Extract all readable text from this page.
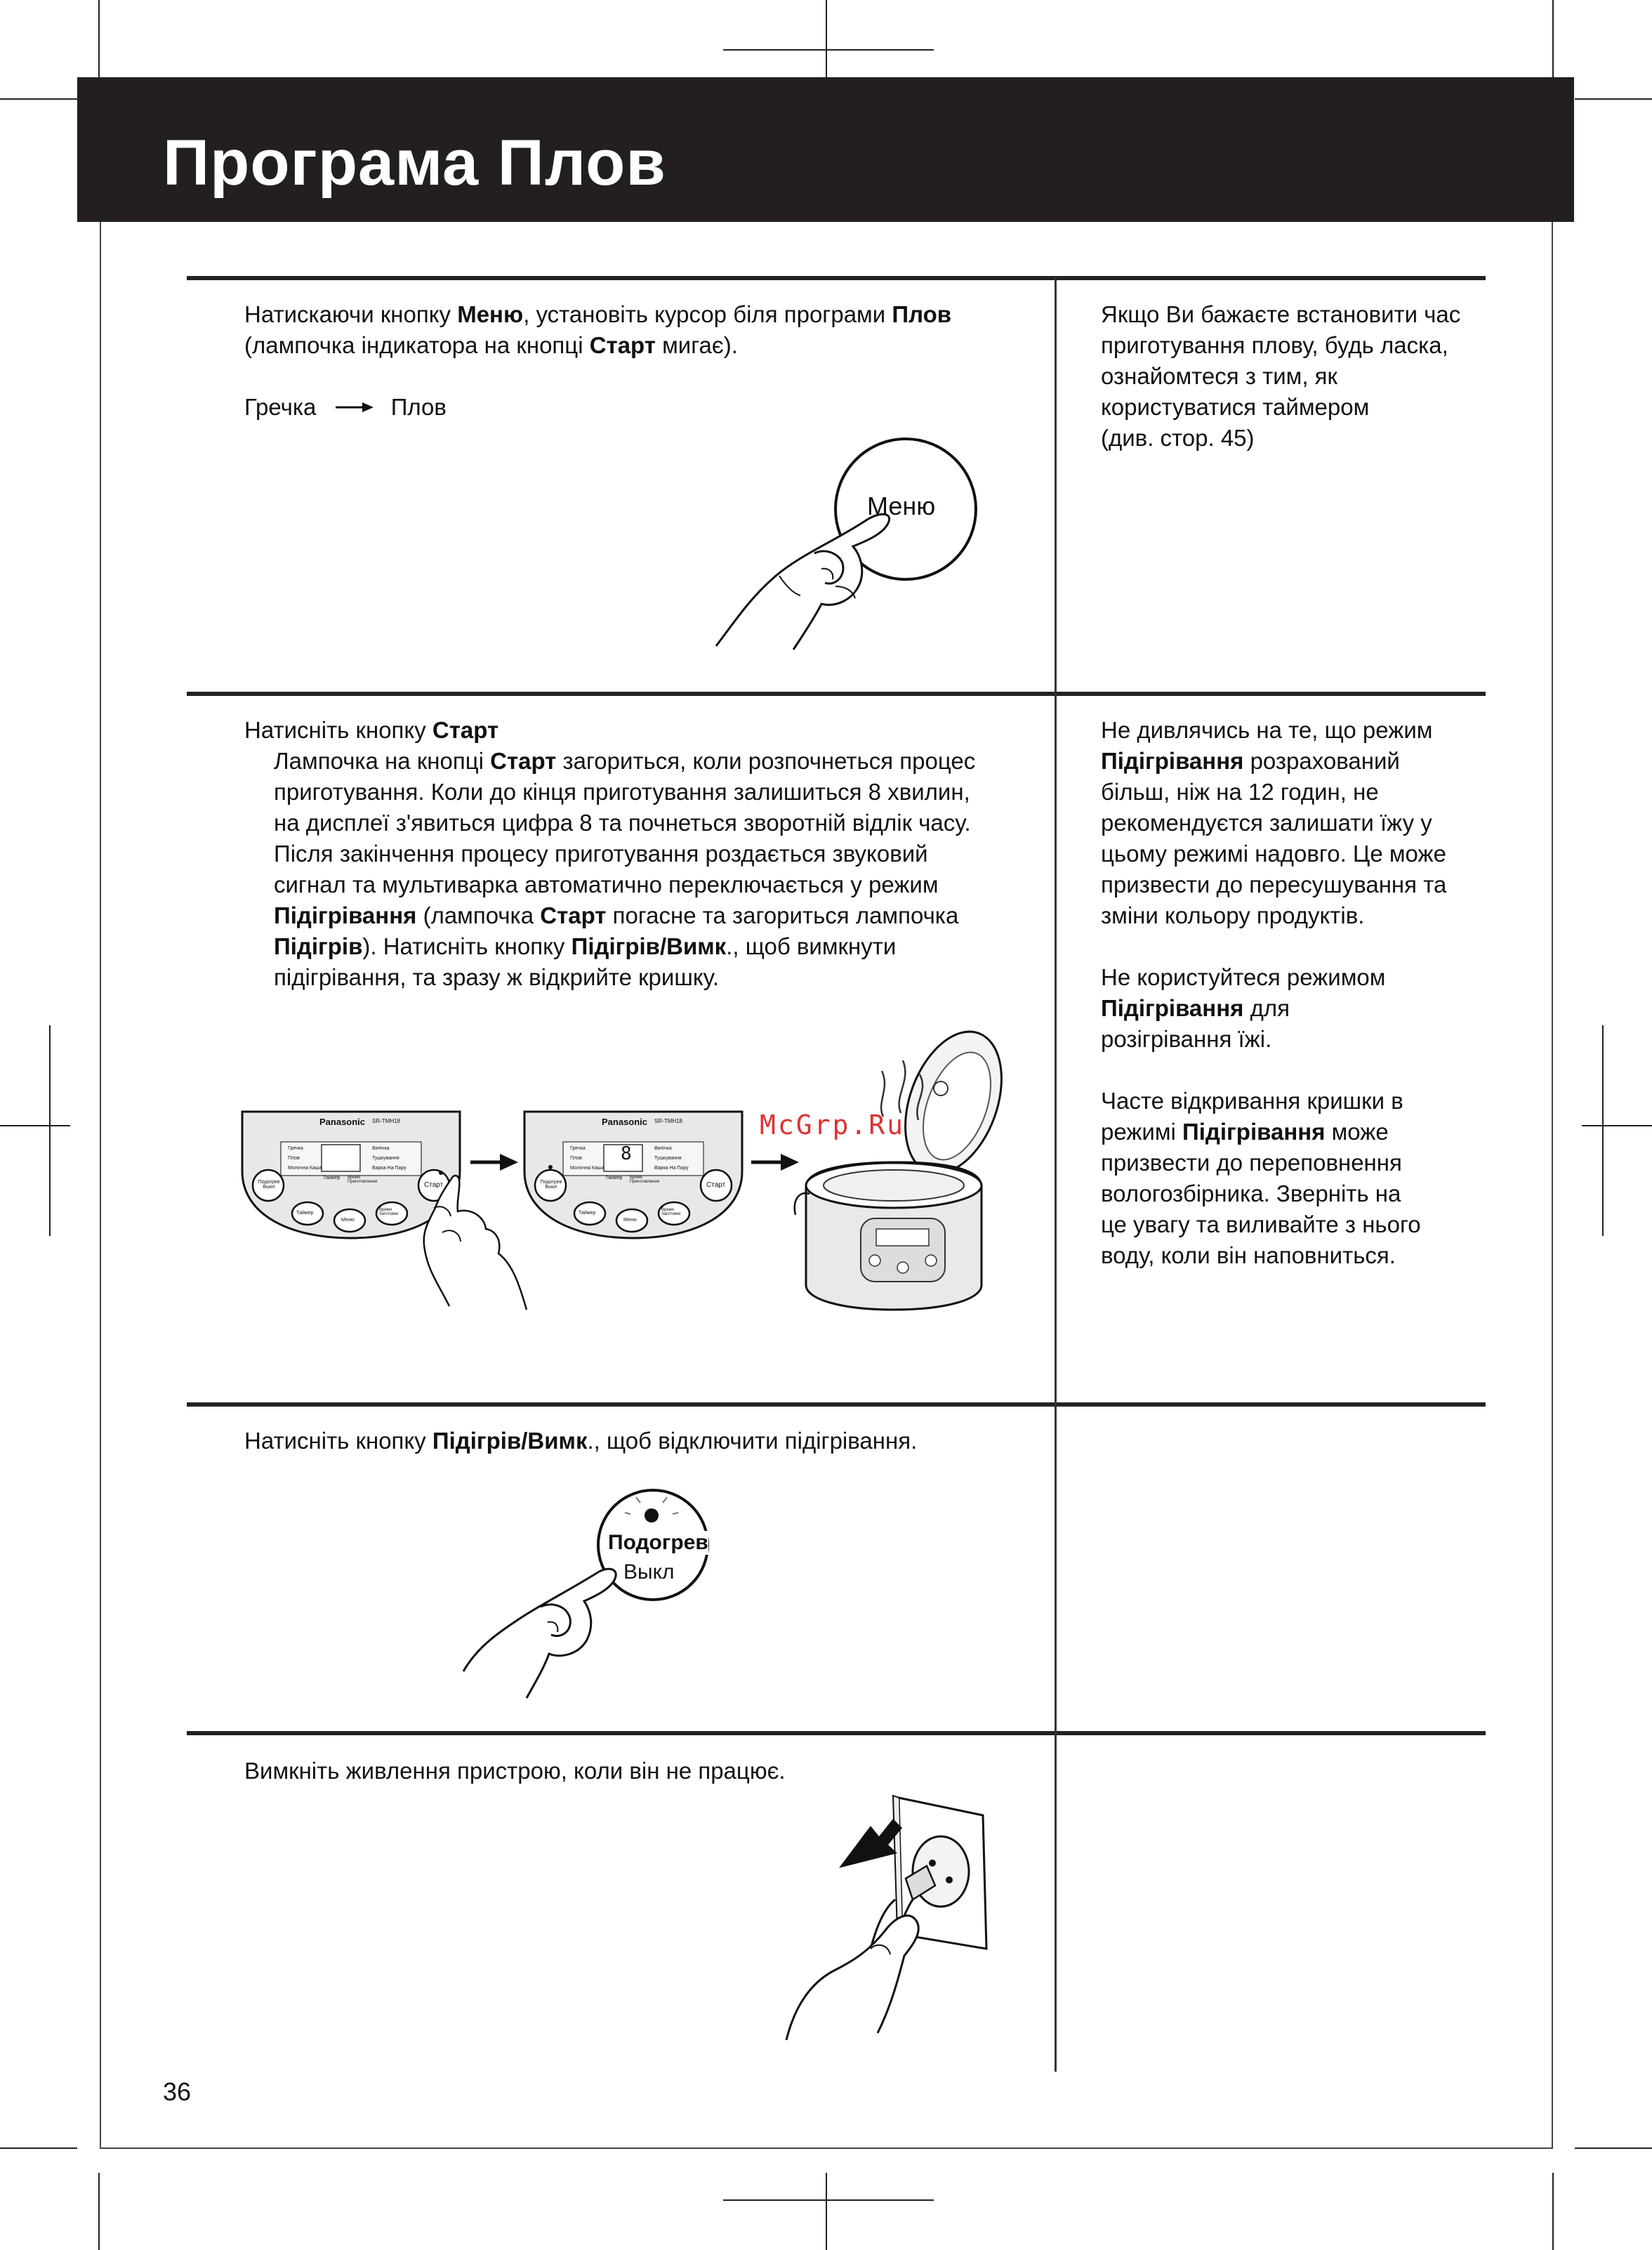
Програма Плов
Натискаючи кнопку Меню, установіть курсор біля програми Плов
(лампочка індикатора на кнопці Старт мигає).
Гречка	Плов
Якщо Ви бажаєте встановити час
приготування плову, будь ласка,
ознайомтеся з тим, як
користуватися таймером
(див. стор. 45)
Меню
Натисніть кнопку Старт
Лампочка на кнопці Старт загориться, коли розпочнеться процес
приготування. Коли до кінця приготування залишиться 8 хвилин,
на дисплеї з'явиться цифра 8 та почнеться зворотній відлік часу.
Після закінчення процесу приготування роздається звуковий
сигнал та мультиварка автоматично переключається у режим
Підігрівання (лампочка Старт погасне та загориться лампочка
Підігрів). Натисніть кнопку Підігрів/Вимк., щоб вимкнути
підігрівання, та зразу ж відкрийте кришку.
Не дивлячись на те, що режим
Підігрівання розрахований
більш, ніж на 12 годин, не
рекомендуєтся залишати їжу у
цьому режимі надовго. Це може
призвести до пересушування та
зміни кольору продуктів.
Не користуйтеся режимом
Підігрівання для
розігрівання їжі.
Часте відкривання кришки в
режимі Підігрівання може
призвести до переповнення
вологозбірника. Зверніть на
це увагу та виливайте з нього
воду, коли він наповниться.
Panasonic SR-TMH18
Гречка
Плов
Молочна Каша
Випічка
Тушкування
Варка На Пару
Подогрев Выкл	Старт
Таймер Время Приготовления
Таймер
Меню
Время Заготовки
Panasonic SR-TMH18
Гречка
Плов
Молочна Каша
Випічка
Тушкування
Варка На Пару
8
Подогрев Выкл	Старт
Таймер Время Приготовления
Таймер
Меню
Время Заготовки
McGrp.Ru
Натисніть кнопку Підігрів/Вимк., щоб відключити підігрівання.
Подогрев
Выкл
Вимкніть живлення пристрою, коли він не працює.
36
